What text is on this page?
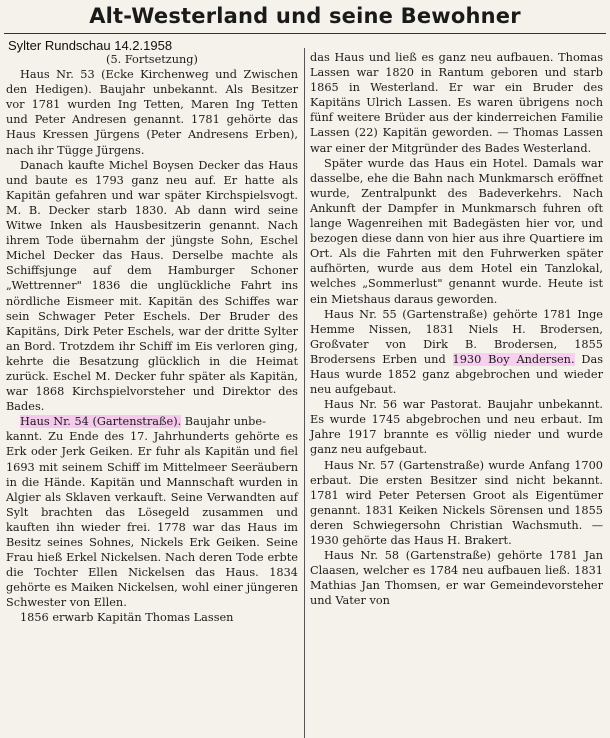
Alt-Westerland und seine Bewohner
Sylter Rundschau 14.2.1958

(5. Fortsetzung)

Haus Nr. 53 (Ecke Kirchenweg und Zwischen den Hedigen). Baujahr unbekannt. Als Besitzer vor 1781 wurden Ing Tetten, Maren Ing Tetten und Peter Andresen genannt. 1781 gehörte das Haus Kressen Jürgens (Peter Andresens Erben), nach ihr Tügge Jürgens.

Danach kaufte Michel Boysen Decker das Haus und baute es 1793 ganz neu auf. Er hatte als Kapitän gefahren und war später Kirchspielsvogt. M. B. Decker starb 1830. Ab dann wird seine Witwe Inken als Hausbesitzerin genannt. Nach ihrem Tode übernahm der jüngste Sohn, Eschel Michel Decker das Haus. Derselbe machte als Schiffsjunge auf dem Hamburger Schoner „Wettrenner" 1836 die unglückliche Fahrt ins nördliche Eismeer mit. Kapitän des Schiffes war sein Schwager Peter Eschels. Der Bruder des Kapitäns, Dirk Peter Eschels, war der dritte Sylter an Bord. Trotzdem ihr Schiff im Eis verloren ging, kehrte die Besatzung glücklich in die Heimat zurück. Eschel M. Decker fuhr später als Kapitän, war 1868 Kirchspielvorsteher und Direktor des Bades.

Haus Nr. 54 (Gartenstraße). Baujahr unbe-

kannt. Zu Ende des 17. Jahrhunderts gehörte es Erk oder Jerk Geiken. Er fuhr als Kapitän und fiel 1693 mit seinem Schiff im Mittelmeer Seeräubern in die Hände. Kapitän und Mannschaft wurden in Algier als Sklaven verkauft. Seine Verwandten auf Sylt brachten das Lösegeld zusammen und kauften ihn wieder frei. 1778 war das Haus im Besitz seines Sohnes, Nickels Erk Geiken. Seine Frau hieß Erkel Nickelsen. Nach deren Tode erbte die Tochter Ellen Nickelsen das Haus. 1834 gehörte es Maiken Nickelsen, wohl einer jüngeren Schwester von Ellen.

1856 erwarb Kapitän Thomas Lassen

das Haus und ließ es ganz neu aufbauen. Thomas Lassen war 1820 in Rantum geboren und starb 1865 in Westerland. Er war ein Bruder des Kapitäns Ulrich Lassen. Es waren übrigens noch fünf weitere Brüder aus der kinderreichen Familie Lassen (22) Kapitän geworden. — Thomas Lassen war einer der Mitgründer des Bades Westerland.

Später wurde das Haus ein Hotel. Damals war dasselbe, ehe die Bahn nach Munkmarsch eröffnet wurde, Zentralpunkt des Badeverkehrs. Nach Ankunft der Dampfer in Munkmarsch fuhren oft lange Wagenreihen mit Badegästen hier vor, und bezogen diese dann von hier aus ihre Quartiere im Ort. Als die Fahrten mit den Fuhrwerken später aufhörten, wurde aus dem Hotel ein Tanzlokal, welches „Sommerlust" genannt wurde. Heute ist ein Mietshaus daraus geworden.

Haus Nr. 55 (Gartenstraße) gehörte 1781 Inge Hemme Nissen, 1831 Niels H. Brodersen, Großvater von Dirk B. Brodersen, 1855 Brodersens Erben und 1930 Boy Andersen. Das Haus wurde 1852 ganz abgebrochen und wieder neu aufgebaut.

Haus Nr. 56 war Pastorat. Baujahr unbekannt. Es wurde 1745 abgebrochen und neu erbaut. Im Jahre 1917 brannte es völlig nieder und wurde ganz neu aufgebaut.

Haus Nr. 57 (Gartenstraße) wurde Anfang 1700 erbaut. Die ersten Besitzer sind nicht bekannt. 1781 wird Peter Petersen Groot als Eigentümer genannt. 1831 Keiken Nickels Sörensen und 1855 deren Schwiegersohn Christian Wachsmuth. — 1930 gehörte das Haus H. Brakert.

Haus Nr. 58 (Gartenstraße) gehörte 1781 Jan Claasen, welcher es 1784 neu aufbauen ließ. 1831 Mathias Jan Thomsen, er war Gemeindevorsteher und Vater von
